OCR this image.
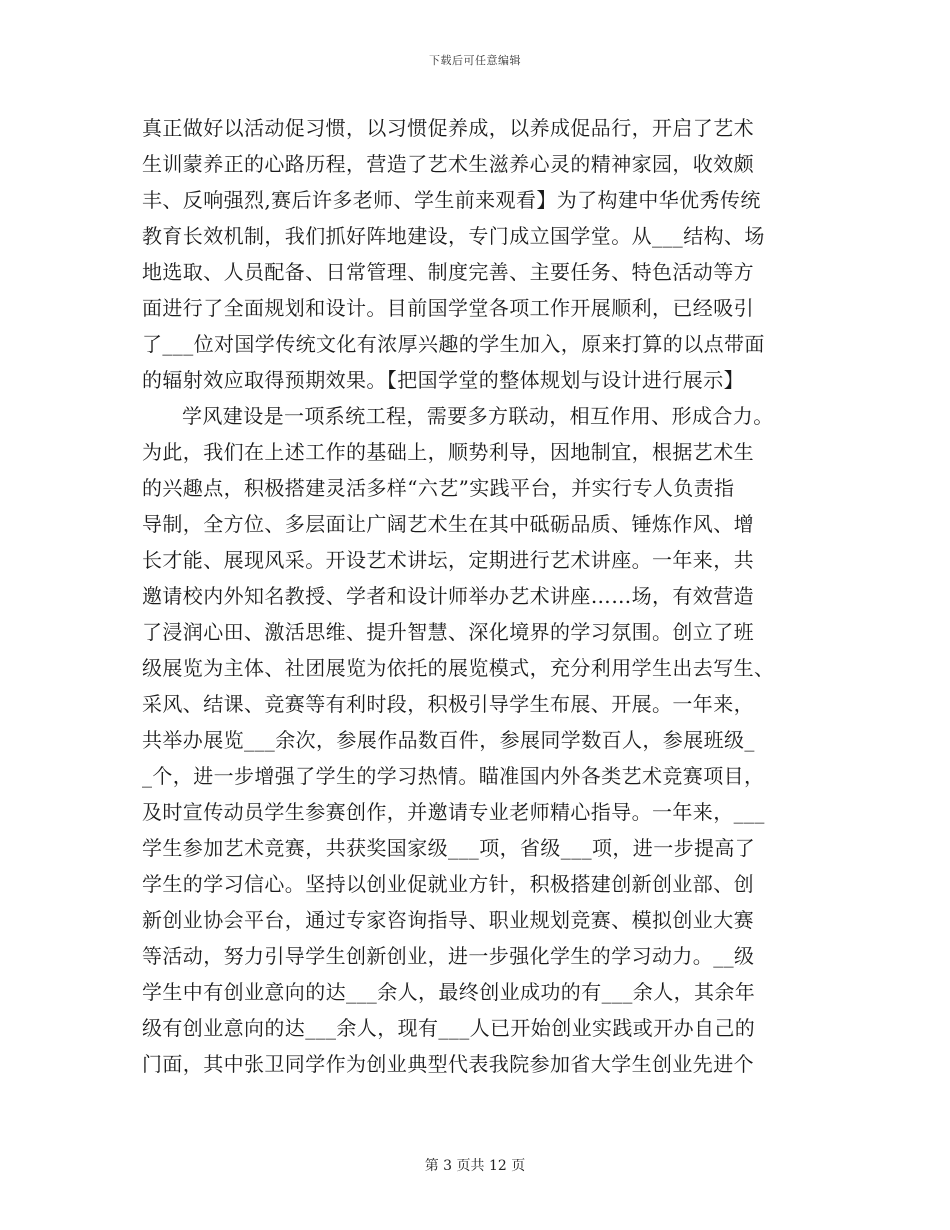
下载后可任意编辑
真正做好以活动促习惯，以习惯促养成，以养成促品行，开启了艺术
生训蒙养正的心路历程，营造了艺术生滋养心灵的精神家园，收效颇
丰、反响强烈,赛后许多老师、学生前来观看】为了构建中华优秀传统
教育长效机制，我们抓好阵地建设，专门成立国学堂。从___结构、场
地选取、人员配备、日常管理、制度完善、主要任务、特色活动等方
面进行了全面规划和设计。目前国学堂各项工作开展顺利，已经吸引
了___位对国学传统文化有浓厚兴趣的学生加入，原来打算的以点带面
的辐射效应取得预期效果。【把国学堂的整体规划与设计进行展示】
学风建设是一项系统工程，需要多方联动，相互作用、形成合力。
为此，我们在上述工作的基础上，顺势利导，因地制宜，根据艺术生
的兴趣点，积极搭建灵活多样“六艺”实践平台，并实行专人负责指
导制，全方位、多层面让广阔艺术生在其中砥砺品质、锤炼作风、增
长才能、展现风采。开设艺术讲坛，定期进行艺术讲座。一年来，共
邀请校内外知名教授、学者和设计师举办艺术讲座……场，有效营造
了浸润心田、激活思维、提升智慧、深化境界的学习氛围。创立了班
级展览为主体、社团展览为依托的展览模式，充分利用学生出去写生、
采风、结课、竞赛等有利时段，积极引导学生布展、开展。一年来，
共举办展览___余次，参展作品数百件，参展同学数百人，参展班级_
_个，进一步增强了学生的学习热情。瞄准国内外各类艺术竞赛项目，
及时宣传动员学生参赛创作，并邀请专业老师精心指导。一年来，___
学生参加艺术竞赛，共获奖国家级___项，省级___项，进一步提高了
学生的学习信心。坚持以创业促就业方针，积极搭建创新创业部、创
新创业协会平台，通过专家咨询指导、职业规划竞赛、模拟创业大赛
等活动，努力引导学生创新创业，进一步强化学生的学习动力。__级
学生中有创业意向的达___余人，最终创业成功的有___余人，其余年
级有创业意向的达___余人，现有___人已开始创业实践或开办自己的
门面，其中张卫同学作为创业典型代表我院参加省大学生创业先进个
第 3 页共 12 页
